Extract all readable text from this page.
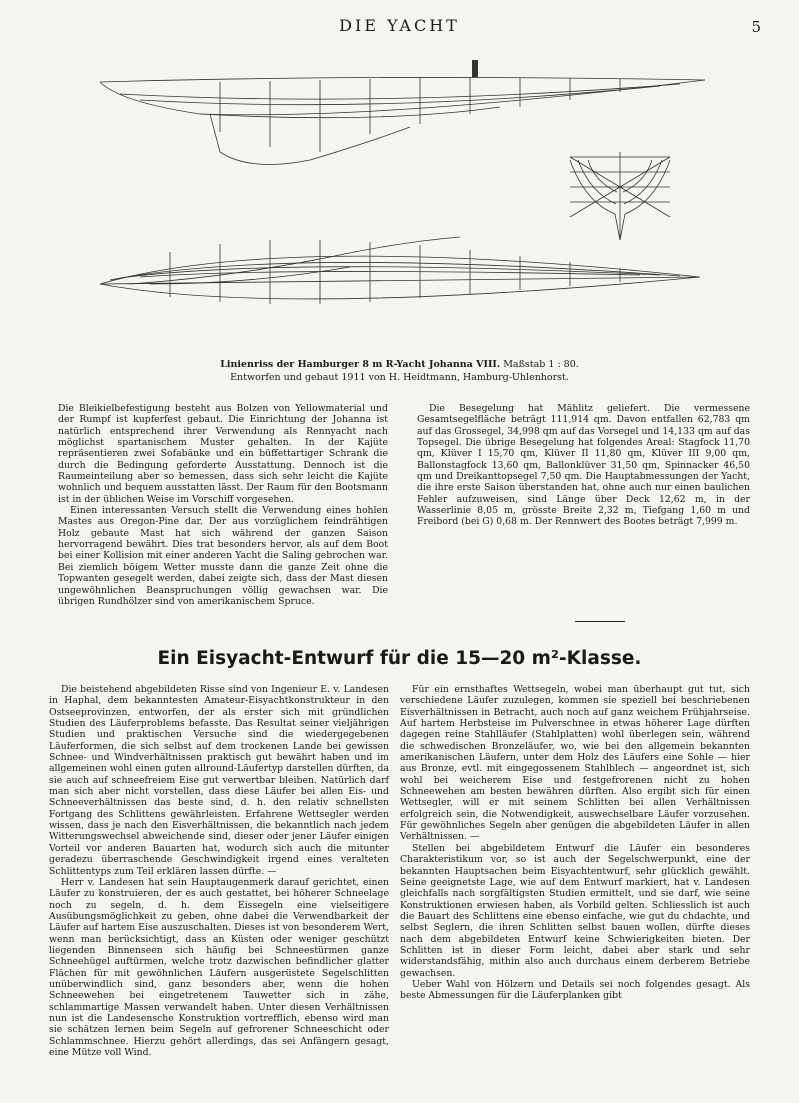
DIE YACHT	5
Linienriss der Hamburger 8 m R-Yacht Johanna VIII. Maßstab 1 : 80.
Entworfen und gebaut 1911 von H. Heidtmann, Hamburg-Uhlenhorst.

Die Bleikielbefestigung besteht aus Bolzen von Yellowmaterial und der Rumpf ist kupferfest gebaut. Die Einrichtung der Johanna ist natürlich entsprechend ihrer Verwendung als Rennyacht nach möglichst spartanischem Muster gehalten. In der Kajüte repräsentieren zwei Sofabänke und ein büffettartiger Schrank die durch die Bedingung geforderte Ausstattung. Dennoch ist die Raumeinteilung aber so bemessen, dass sich sehr leicht die Kajüte wohnlich und bequem ausstatten lässt. Der Raum für den Bootsmann ist in der üblichen Weise im Vorschiff vorgesehen.

Einen interessanten Versuch stellt die Verwendung eines hohlen Mastes aus Oregon-Pine dar. Der aus vorzüglichem feindrähtigen Holz gebaute Mast hat sich während der ganzen Saison hervorragend bewährt. Dies trat besonders hervor, als auf dem Boot bei einer Kollision mit einer anderen Yacht die Saling gebrochen war. Bei ziemlich böigem Wetter musste dann die ganze Zeit ohne die Topwanten gesegelt werden, dabei zeigte sich, dass der Mast diesen ungewöhnlichen Beanspruchungen völlig gewachsen war. Die übrigen Rundhölzer sind von amerikanischem Spruce.

Die Besegelung hat Mählitz geliefert. Die vermessene Gesamtsegelfläche beträgt 111,914 qm. Davon entfallen 62,783 qm auf das Grossegel, 34,998 qm auf das Vorsegel und 14,133 qm auf das Topsegel. Die übrige Besegelung hat folgendes Areal: Stagfock 11,70 qm, Klüver I 15,70 qm, Klüver II 11,80 qm, Klüver III 9,00 qm, Ballonstagfock 13,60 qm, Ballonklüver 31,50 qm, Spinnacker 46,50 qm und Dreikanttopsegel 7,50 qm. Die Hauptabmessungen der Yacht, die ihre erste Saison überstanden hat, ohne auch nur einen baulichen Fehler aufzuweisen, sind Länge über Deck 12,62 m, in der Wasserlinie 8,05 m, grösste Breite 2,32 m, Tiefgang 1,60 m und Freibord (bei G) 0,68 m. Der Rennwert des Bootes beträgt 7,999 m.

Ein Eisyacht-Entwurf für die 15—20 m²-Klasse.

Die beistehend abgebildeten Risse sind von Ingenieur E. v. Landesen in Haphal, dem bekanntesten Amateur-Eisyachtkonstrukteur in den Ostseeprovinzen, entworfen, der als erster sich mit gründlichen Studien des Läuferproblems befasste. Das Resultat seiner vieljährigen Studien und praktischen Versuche sind die wiedergegebenen Läuferformen, die sich selbst auf dem trockenen Lande bei gewissen Schnee- und Windverhältnissen praktisch gut bewährt haben und im allgemeinen wohl einen guten allround-Läufertyp darstellen dürften, da sie auch auf schneefreiem Eise gut verwertbar bleiben. Natürlich darf man sich aber nicht vorstellen, dass diese Läufer bei allen Eis- und Schneeverhältnissen das beste sind, d. h. den relativ schnellsten Fortgang des Schlittens gewährleisten. Erfahrene Wettsegler werden wissen, dass je nach den Eisverhältnissen, die bekanntlich nach jedem Witterungswechsel abweichende sind, dieser oder jener Läufer einigen Vorteil vor anderen Bauarten hat, wodurch sich auch die mitunter geradezu überraschende Geschwindigkeit irgend eines veralteten Schlittentyps zum Teil erklären lassen dürfte. —

Herr v. Landesen hat sein Hauptaugenmerk darauf gerichtet, einen Läufer zu konstruieren, der es auch gestattet, bei höherer Schneelage noch zu segeln, d. h. dem Eissegeln eine vielseitigere Ausübungsmöglichkeit zu geben, ohne dabei die Verwendbarkeit der Läufer auf hartem Eise auszuschalten. Dieses ist von besonderem Wert, wenn man berücksichtigt, dass an Küsten oder weniger geschützt liegenden Binnenseen sich häufig bei Schneestürmen ganze Schneehügel auftürmen, welche trotz dazwischen befindlicher glatter Flächen für mit gewöhnlichen Läufern ausgerüstete Segelschlitten unüberwindlich sind, ganz besonders aber, wenn die hohen Schneewehen bei eingetretenem Tauwetter sich in zähe, schlammartige Massen verwandelt haben. Unter diesen Verhältnissen nun ist die Landesensche Konstruktion vortrefflich, ebenso wird man sie schätzen lernen beim Segeln auf gefrorener Schneeschicht oder Schlammschnee. Hierzu gehört allerdings, das sei Anfängern gesagt, eine Mütze voll Wind.

Für ein ernsthaftes Wettsegeln, wobei man überhaupt gut tut, sich verschiedene Läufer zuzulegen, kommen sie speziell bei beschriebenen Eisverhältnissen in Betracht, auch noch auf ganz weichem Frühjahrseise. Auf hartem Herbsteise im Pulverschnee in etwas höherer Lage dürften dagegen reine Stahlläufer (Stahlplatten) wohl überlegen sein, während die schwedischen Bronzeläufer, wo, wie bei den allgemein bekannten amerikanischen Läufern, unter dem Holz des Läufers eine Sohle — hier aus Bronze, evtl. mit eingegossenem Stahlblech — angeordnet ist, sich wohl bei weicherem Eise und festgefrorenen nicht zu hohen Schneewehen am besten bewähren dürften. Also ergibt sich für einen Wettsegler, will er mit seinem Schlitten bei allen Verhältnissen erfolgreich sein, die Notwendigkeit, auswechselbare Läufer vorzusehen. Für gewöhnliches Segeln aber genügen die abgebildeten Läufer in allen Verhältnissen. —

Stellen bei abgebildetem Entwurf die Läufer ein besonderes Charakteristikum vor, so ist auch der Segelschwerpunkt, eine der bekannten Hauptsachen beim Eisyachtentwurf, sehr glücklich gewählt. Seine geeignetste Lage, wie auf dem Entwurf markiert, hat v. Landesen gleichfalls nach sorgfältigsten Studien ermittelt, und sie darf, wie seine Konstruktionen erwiesen haben, als Vorbild gelten. Schliesslich ist auch die Bauart des Schlittens eine ebenso einfache, wie gut du chdachte, und selbst Seglern, die ihren Schlitten selbst bauen wollen, dürfte dieses nach dem abgebildeten Entwurf keine Schwierigkeiten bieten. Der Schlitten ist in dieser Form leicht, dabei aber stark und sehr widerstandsfähig, mithin also auch durchaus einem derberem Betriebe gewachsen.

Ueber Wahl von Hölzern und Details sei noch folgendes gesagt. Als beste Abmessungen für die Läuferplanken gibt
